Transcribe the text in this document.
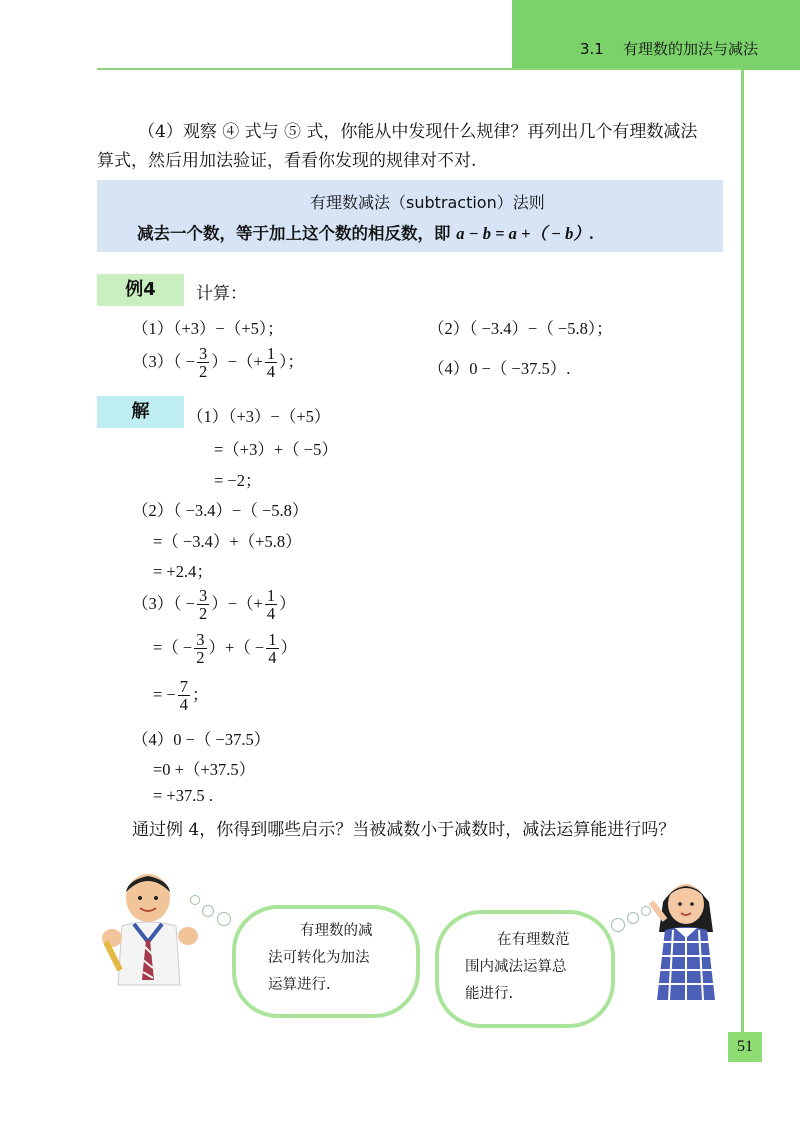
3.1 有理数的加法与减法
（4）观察 ④ 式与 ⑤ 式，你能从中发现什么规律？再列出几个有理数减法
算式，然后用加法验证，看看你发现的规律对不对.
有理数减法（subtraction）法则
减去一个数，等于加上这个数的相反数，即 a − b = a +（ − b）.
例4	计算：
（1）（+3）−（+5）；	（2）（ −3.4）−（ −5.8）；
$(3)( - \frac{3}{2}$ ）−（+ $\frac{1}{4}$ ）；	（4）0 −（ −37.5）.
解	（1）（+3）−（+5）
=（+3）+（ −5）
= −2；
（2）（ −3.4）−（ −5.8）
=（ −3.4）+（+5.8）
= +2.4；
$(3)( - \frac{3}{2}$ ）−（+ $\frac{1}{4}$ ）
=（ − $\frac{3}{2}$ ）+（ − $\frac{1}{4}$ ）
= − $\frac{7}{4}$ ；
（4）0 −（ −37.5）
=0 +（+37.5）
= +37.5 .
通过例 4，你得到哪些启示？当被减数小于减数时，减法运算能进行吗？
有理数的减
法可转化为加法
运算进行.
在有理数范
围内减法运算总
能进行.
51
